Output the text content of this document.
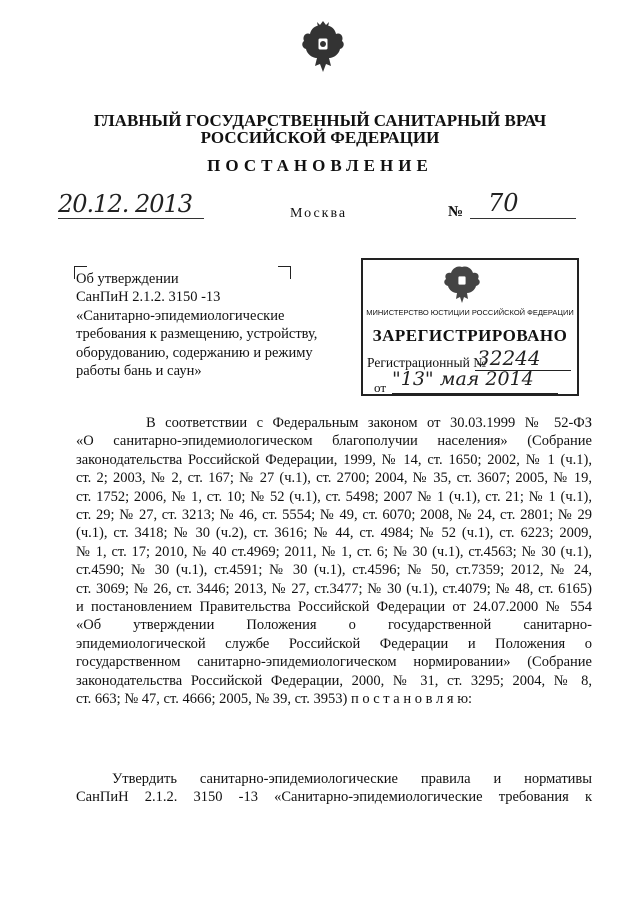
ГЛАВНЫЙ ГОСУДАРСТВЕННЫЙ САНИТАРНЫЙ ВРАЧ
РОССИЙСКОЙ ФЕДЕРАЦИИ
ПОСТАНОВЛЕНИЕ
20.12. 2013	Москва	№ 70
Об утверждении
СанПиН 2.1.2. 3150 -13
«Санитарно-эпидемиологические
требования к размещению, устройству,
оборудованию, содержанию и режиму
работы бань и саун»
МИНИСТЕРСТВО ЮСТИЦИИ РОССИЙСКОЙ ФЕДЕРАЦИИ
ЗАРЕГИСТРИРОВАНО
Регистрационный №
32244
от "13" мая 2014
В соответствии с Федеральным законом от 30.03.1999 № 52-ФЗ
«О санитарно-эпидемиологическом благополучии населения» (Собрание
законодательства Российской Федерации, 1999, № 14, ст. 1650; 2002, № 1 (ч.1),
ст. 2; 2003, № 2, ст. 167; № 27 (ч.1), ст. 2700; 2004, № 35, ст. 3607; 2005, № 19,
ст. 1752; 2006, № 1, ст. 10; № 52 (ч.1), ст. 5498; 2007 № 1 (ч.1), ст. 21; № 1 (ч.1),
ст. 29; № 27, ст. 3213; № 46, ст. 5554; № 49, ст. 6070; 2008, № 24, ст. 2801; № 29
(ч.1), ст. 3418; № 30 (ч.2), ст. 3616; № 44, ст. 4984; № 52 (ч.1), ст. 6223; 2009,
№ 1, ст. 17; 2010, № 40 ст.4969; 2011, № 1, ст. 6; № 30 (ч.1), ст.4563; № 30 (ч.1),
ст.4590; № 30 (ч.1), ст.4591; № 30 (ч.1), ст.4596; № 50, ст.7359; 2012, № 24,
ст. 3069; № 26, ст. 3446; 2013, № 27, ст.3477; № 30 (ч.1), ст.4079; № 48, ст. 6165)
и постановлением Правительства Российской Федерации от 24.07.2000 № 554
«Об утверждении Положения о государственной санитарно-
эпидемиологической службе Российской Федерации и Положения о
государственном санитарно-эпидемиологическом нормировании» (Собрание
законодательства Российской Федерации, 2000, № 31, ст. 3295; 2004, № 8,
ст. 663; № 47, ст. 4666; 2005, № 39, ст. 3953) п о с т а н о в л я ю:
Утвердить санитарно-эпидемиологические правила и нормативы
СанПиН 2.1.2. 3150 -13 «Санитарно-эпидемиологические требования к
